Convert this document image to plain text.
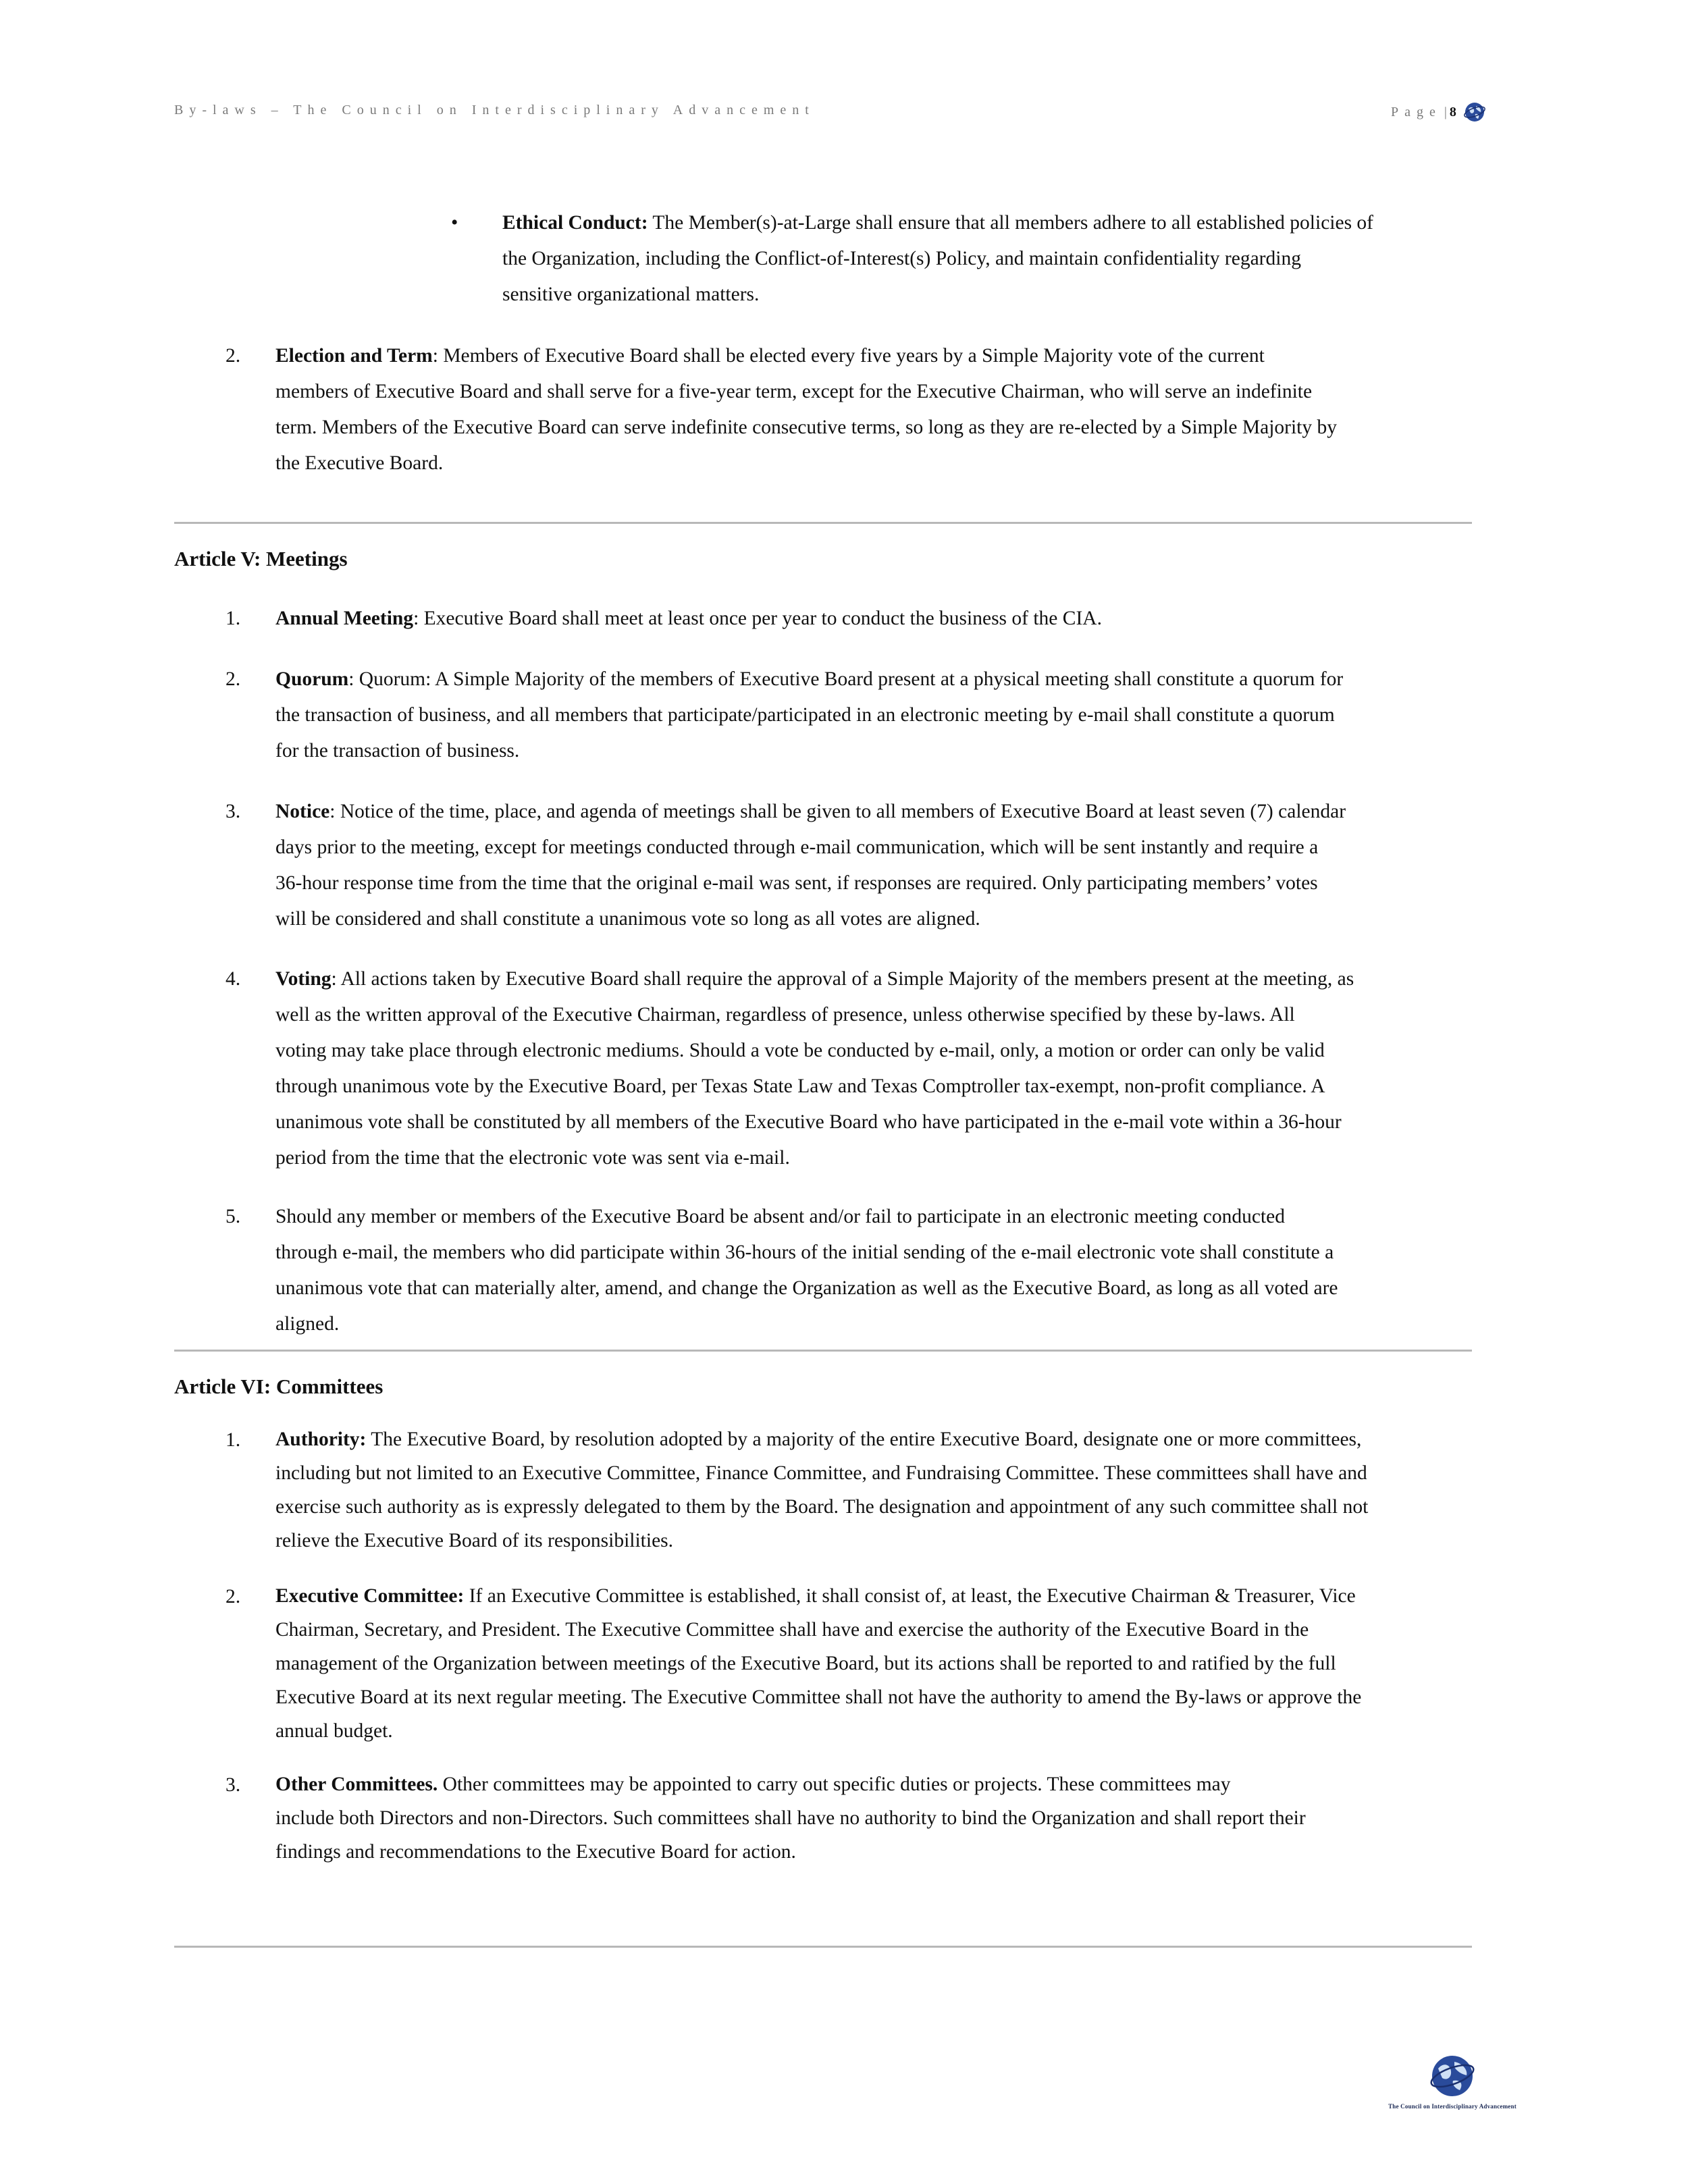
By-laws – The Council on Interdisciplinary Advancement	Page | 8
• Ethical Conduct: The Member(s)-at-Large shall ensure that all members adhere to all established policies of
the Organization, including the Conflict-of-Interest(s) Policy, and maintain confidentiality regarding
sensitive organizational matters.
2. Election and Term: Members of Executive Board shall be elected every five years by a Simple Majority vote of the current
members of Executive Board and shall serve for a five-year term, except for the Executive Chairman, who will serve an indefinite
term. Members of the Executive Board can serve indefinite consecutive terms, so long as they are re-elected by a Simple Majority by
the Executive Board.
Article V: Meetings
1. Annual Meeting: Executive Board shall meet at least once per year to conduct the business of the CIA.
2. Quorum: Quorum: A Simple Majority of the members of Executive Board present at a physical meeting shall constitute a quorum for
the transaction of business, and all members that participate/participated in an electronic meeting by e-mail shall constitute a quorum
for the transaction of business.
3. Notice: Notice of the time, place, and agenda of meetings shall be given to all members of Executive Board at least seven (7) calendar
days prior to the meeting, except for meetings conducted through e-mail communication, which will be sent instantly and require a
36-hour response time from the time that the original e-mail was sent, if responses are required. Only participating members’ votes
will be considered and shall constitute a unanimous vote so long as all votes are aligned.
4. Voting: All actions taken by Executive Board shall require the approval of a Simple Majority of the members present at the meeting, as
well as the written approval of the Executive Chairman, regardless of presence, unless otherwise specified by these by-laws. All
voting may take place through electronic mediums. Should a vote be conducted by e-mail, only, a motion or order can only be valid
through unanimous vote by the Executive Board, per Texas State Law and Texas Comptroller tax-exempt, non-profit compliance. A
unanimous vote shall be constituted by all members of the Executive Board who have participated in the e-mail vote within a 36-hour
period from the time that the electronic vote was sent via e-mail.
5. Should any member or members of the Executive Board be absent and/or fail to participate in an electronic meeting conducted
through e-mail, the members who did participate within 36-hours of the initial sending of the e-mail electronic vote shall constitute a
unanimous vote that can materially alter, amend, and change the Organization as well as the Executive Board, as long as all voted are
aligned.
Article VI: Committees
1. Authority: The Executive Board, by resolution adopted by a majority of the entire Executive Board, designate one or more committees,
including but not limited to an Executive Committee, Finance Committee, and Fundraising Committee. These committees shall have and
exercise such authority as is expressly delegated to them by the Board. The designation and appointment of any such committee shall not
relieve the Executive Board of its responsibilities.
2. Executive Committee: If an Executive Committee is established, it shall consist of, at least, the Executive Chairman & Treasurer, Vice
Chairman, Secretary, and President. The Executive Committee shall have and exercise the authority of the Executive Board in the
management of the Organization between meetings of the Executive Board, but its actions shall be reported to and ratified by the full
Executive Board at its next regular meeting. The Executive Committee shall not have the authority to amend the By-laws or approve the
annual budget.
3. Other Committees. Other committees may be appointed to carry out specific duties or projects. These committees may
include both Directors and non-Directors. Such committees shall have no authority to bind the Organization and shall report their
findings and recommendations to the Executive Board for action.
The Council on Interdisciplinary Advancement
